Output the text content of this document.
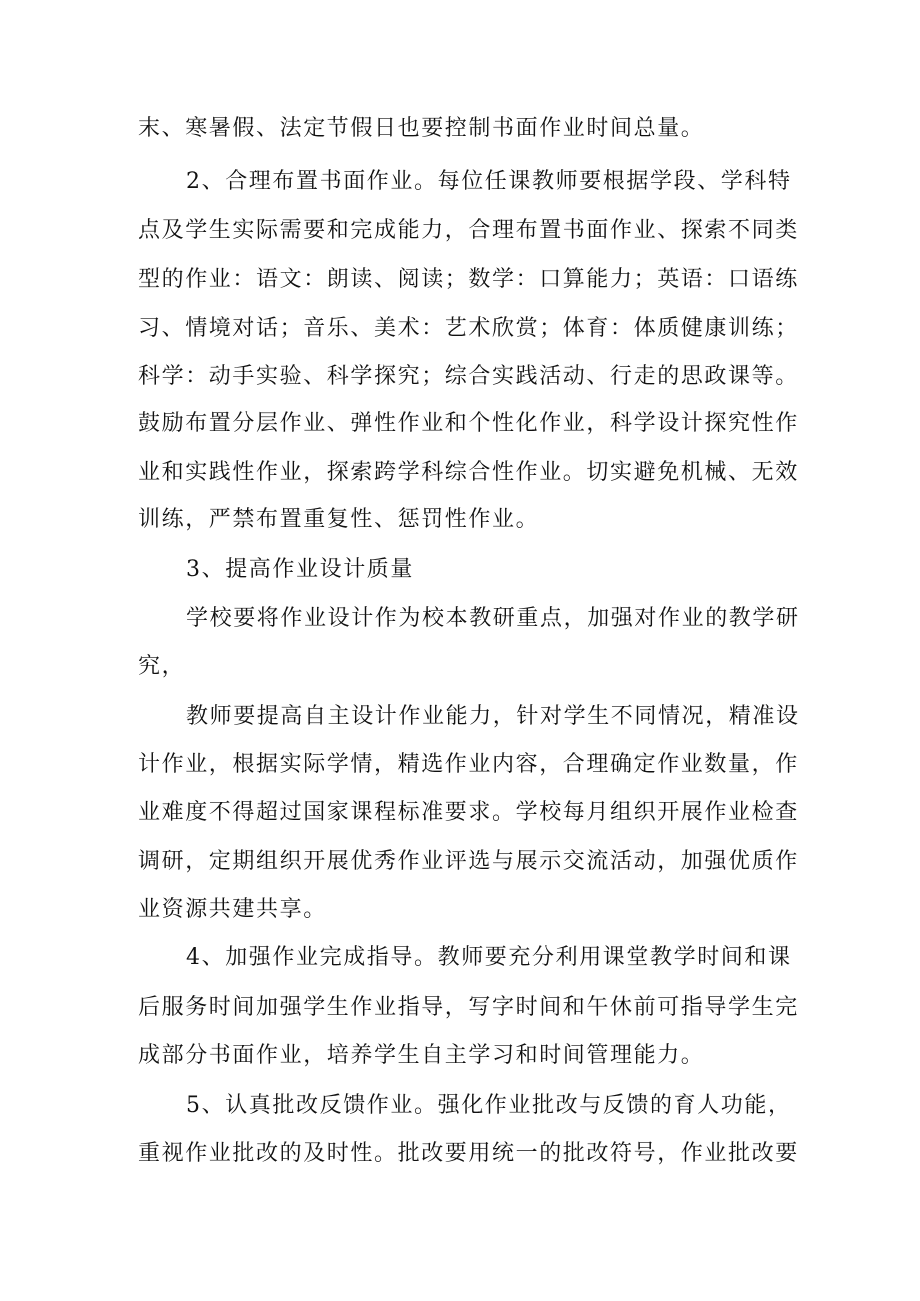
末、寒暑假、法定节假日也要控制书面作业时间总量。

2、合理布置书面作业。每位任课教师要根据学段、学科特

点及学生实际需要和完成能力，合理布置书面作业、探索不同类

型的作业：语文：朗读、阅读；数学：口算能力；英语：口语练

习、情境对话；音乐、美术：艺术欣赏；体育：体质健康训练；

科学：动手实验、科学探究；综合实践活动、行走的思政课等。

鼓励布置分层作业、弹性作业和个性化作业，科学设计探究性作

业和实践性作业，探索跨学科综合性作业。切实避免机械、无效

训练，严禁布置重复性、惩罚性作业。

3、提高作业设计质量

学校要将作业设计作为校本教研重点，加强对作业的教学研

究，

教师要提高自主设计作业能力，针对学生不同情况，精准设

计作业，根据实际学情，精选作业内容，合理确定作业数量，作

业难度不得超过国家课程标准要求。学校每月组织开展作业检查

调研，定期组织开展优秀作业评选与展示交流活动，加强优质作

业资源共建共享。

4、加强作业完成指导。教师要充分利用课堂教学时间和课

后服务时间加强学生作业指导，写字时间和午休前可指导学生完

成部分书面作业，培养学生自主学习和时间管理能力。

5、认真批改反馈作业。强化作业批改与反馈的育人功能，

重视作业批改的及时性。批改要用统一的批改符号，作业批改要
